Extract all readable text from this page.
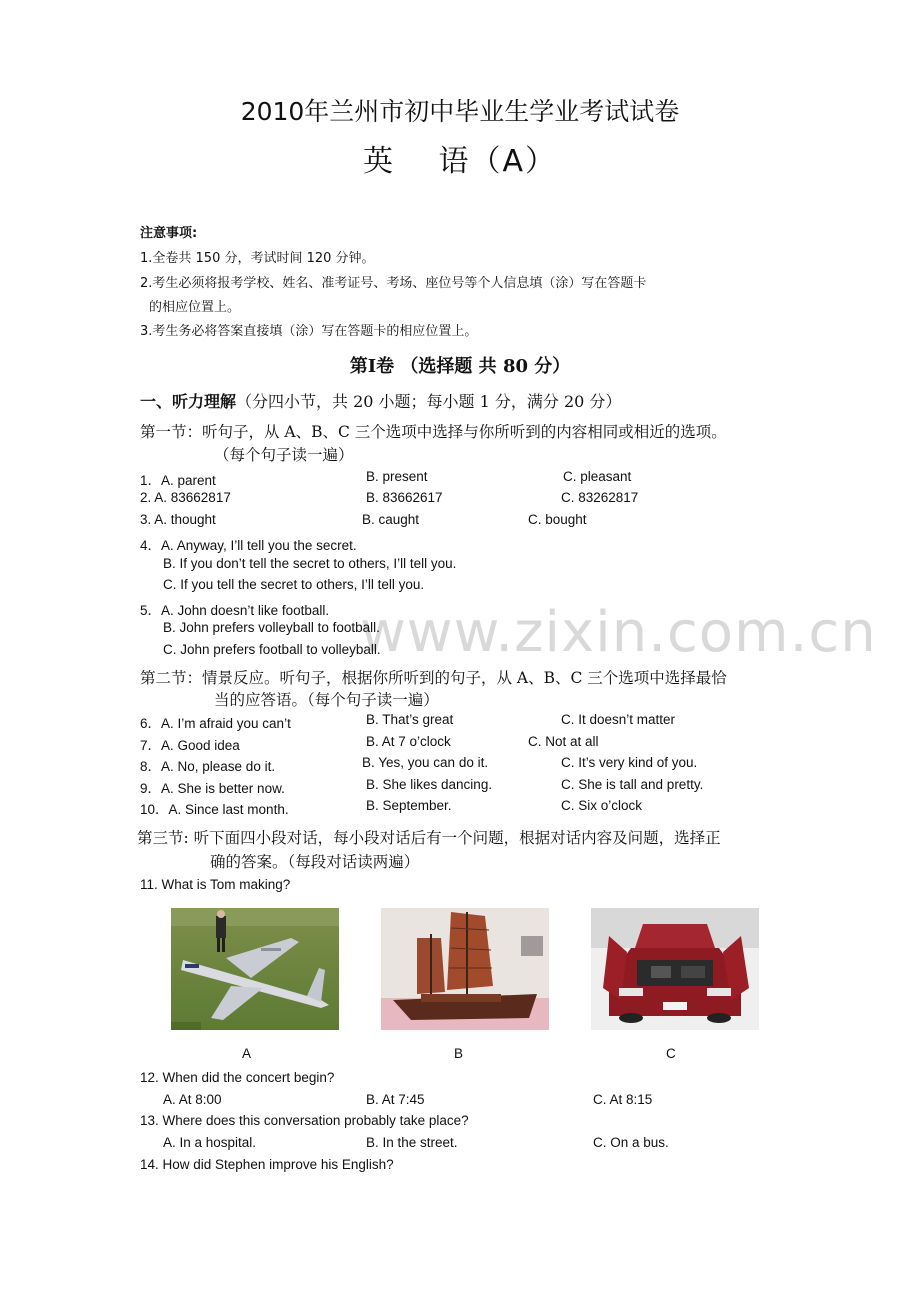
2010年兰州市初中毕业生学业考试试卷
英　 语（A）
www.zixin.com.cn
注意事项:
1.全卷共 150 分，考试时间 120 分钟。
2.考生必须将报考学校、姓名、准考证号、考场、座位号等个人信息填（涂）写在答题卡
的相应位置上。
3.考生务必将答案直接填（涂）写在答题卡的相应位置上。
第Ⅰ卷 （选择题 共 80 分）
一、听力理解（分四小节，共 20 小题；每小题 1 分，满分 20 分）
第一节：听句子，从 A、B、C 三个选项中选择与你所听到的内容相同或相近的选项。
（每个句子读一遍）
1．A. parent	B. present	C. pleasant
2. A. 83662817	B. 83662617	C. 83262817
3. A. thought	B. caught	C. bought
4．A. Anyway, I’ll tell you the secret.
B. If you don’t tell the secret to others, I’ll tell you.
C. If you tell the secret to others, I’ll tell you.
5．A. John doesn’t like football.
B. John prefers volleyball to football.
C. John prefers football to volleyball.
第二节：情景反应。听句子，根据你所听到的句子，从 A、B、C 三个选项中选择最恰
当的应答语。（每个句子读一遍）
6．A. I’m afraid you can’t	B. That’s great	C. It doesn’t matter
7．A. Good idea	B. At 7 o’clock	C. Not at all
8．A. No, please do it.	B. Yes, you can do it.	C. It’s very kind of you.
9．A. She is better now.	B. She likes dancing.	C. She is tall and pretty.
10．A. Since last month.	B. September.	C. Six o’clock
第三节: 听下面四小段对话，每小段对话后有一个问题，根据对话内容及问题，选择正
确的答案。（每段对话读两遍）
11. What is Tom making?
A	B	C
12. When did the concert begin?
A. At 8:00	B. At 7:45	C. At 8:15
13. Where does this conversation probably take place?
A. In a hospital.	B. In the street.	C. On a bus.
14. How did Stephen improve his English?
